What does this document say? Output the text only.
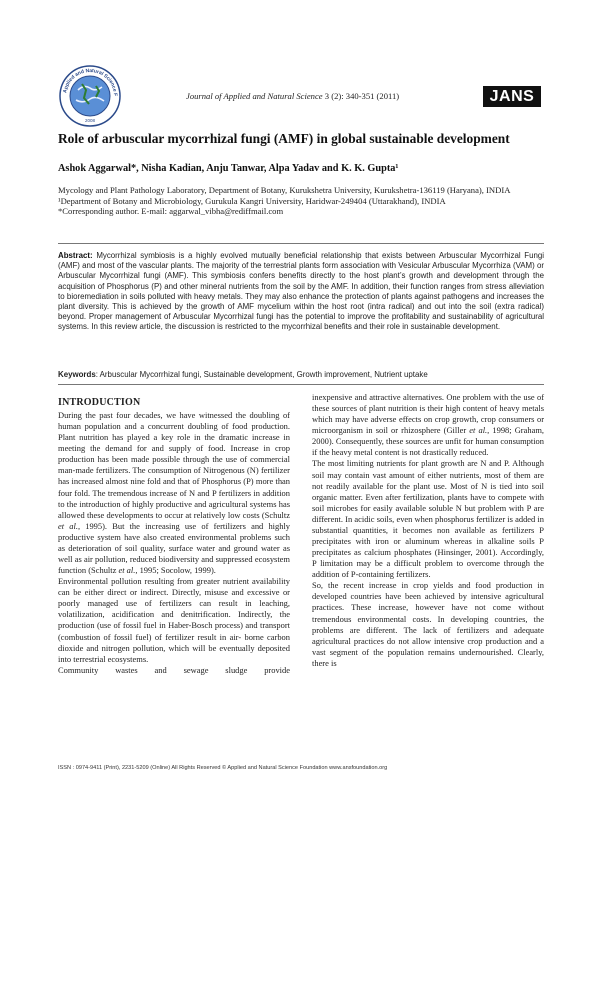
Applied and Natural Science F
2008
Journal of Applied and Natural Science 3 (2): 340-351 (2011)	JANS
Role of arbuscular mycorrhizal fungi (AMF) in global sustainable development
Ashok Aggarwal*, Nisha Kadian, Anju Tanwar, Alpa Yadav and K. K. Gupta¹

Mycology and Plant Pathology Laboratory, Department of Botany, Kurukshetra University, Kurukshetra-136119 (Haryana), INDIA

¹Department of Botany and Microbiology, Gurukula Kangri University, Haridwar-249404 (Uttarakhand), INDIA

*Corresponding author. E-mail: aggarwal_vibha@rediffmail.com

Abstract: Mycorrhizal symbiosis is a highly evolved mutually beneficial relationship that exists between Arbuscular Mycorrhizal Fungi (AMF) and most of the vascular plants. The majority of the terrestrial plants form association with Vesicular Arbuscular Mycorrhiza (VAM) or Arbuscular Mycorrhizal fungi (AMF). This symbiosis confers benefits directly to the host plant’s growth and development through the acquisition of Phosphorus (P) and other mineral nutrients from the soil by the AMF. In addition, their function ranges from stress alleviation to bioremediation in soils polluted with heavy metals. They may also enhance the protection of plants against pathogens and increases the plant diversity. This is achieved by the growth of AMF mycelium within the host root (intra radical) and out into the soil (extra radical) beyond. Proper management of Arbuscular Mycorrhizal fungi has the potential to improve the profitability and sustainability of agricultural systems. In this review article, the discussion is restricted to the mycorrhizal benefits and their role in sustainable development.
Keywords: Arbuscular Mycorrhizal fungi, Sustainable development, Growth improvement, Nutrient uptake
INTRODUCTION

During the past four decades, we have witnessed the doubling of human population and a concurrent doubling of food production. Plant nutrition has played a key role in the dramatic increase in meeting the demand for and supply of food. Increase in crop production has been made possible through the use of commercial man-made fertilizers. The consumption of Nitrogenous (N) fertilizer has increased almost nine fold and that of Phosphorus (P) more than four fold. The tremendous increase of N and P fertilizers in addition to the introduction of highly productive and agricultural systems has allowed these developments to occur at relatively low costs (Schultz et al., 1995). But the increasing use of fertilizers and highly productive system have also created environmental problems such as deterioration of soil quality, surface water and ground water as well as air pollution, reduced biodiversity and suppressed ecosystem function (Schultz et al., 1995; Socolow, 1999).

Environmental pollution resulting from greater nutrient availability can be either direct or indirect. Directly, misuse and excessive or poorly managed use of fertilizers can result in leaching, volatilization, acidification and denitrification. Indirectly, the production (use of fossil fuel in Haber-Bosch process) and transport (combustion of fossil fuel) of fertilizer result in air- borne carbon dioxide and nitrogen pollution, which will be eventually deposited into terrestrial ecosystems.

Community wastes and sewage sludge provide

inexpensive and attractive alternatives. One problem with the use of these sources of plant nutrition is their high content of heavy metals which may have adverse effects on crop growth, crop consumers or microorganism in soil or rhizosphere (Giller et al., 1998; Graham, 2000). Consequently, these sources are unfit for human consumption if the heavy metal content is not drastically reduced.

The most limiting nutrients for plant growth are N and P. Although soil may contain vast amount of either nutrients, most of them are not readily available for the plant use. Most of N is tied into soil organic matter. Even after fertilization, plants have to compete with soil microbes for easily available soluble N but problem with P are different. In acidic soils, even when phosphorus fertilizer is added in substantial quantities, it becomes non available as fertilizers P precipitates with iron or aluminum whereas in alkaline soils P precipitates as calcium phosphates (Hinsinger, 2001). Accordingly, P limitation may be a difficult problem to overcome through the addition of P-containing fertilizers.

So, the recent increase in crop yields and food production in developed countries have been achieved by intensive agricultural practices. These increase, however have not come without tremendous environmental costs. In developing countries, the problems are different. The lack of fertilizers and adequate agricultural practices do not allow intensive crop production and a vast segment of the population remains undernourished. Clearly, there is

ISSN : 0974-9411 (Print), 2231-5209 (Online) All Rights Reserved © Applied and Natural Science Foundation www.ansfoundation.org
